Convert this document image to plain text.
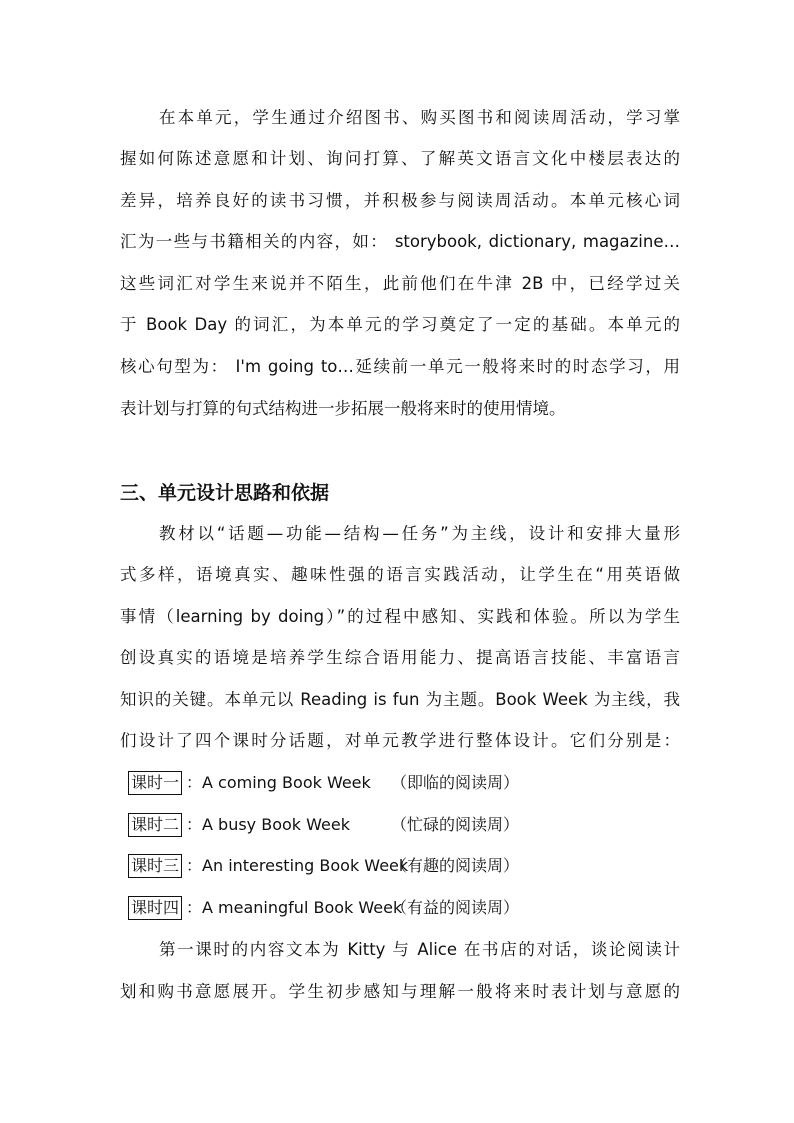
在本单元，学生通过介绍图书、购买图书和阅读周活动，学习掌
握如何陈述意愿和计划、询问打算、了解英文语言文化中楼层表达的
差异，培养良好的读书习惯，并积极参与阅读周活动。本单元核心词
汇为一些与书籍相关的内容，如： storybook, dictionary, magazine…
这些词汇对学生来说并不陌生，此前他们在牛津 2B 中，已经学过关
于 Book Day 的词汇，为本单元的学习奠定了一定的基础。本单元的
核心句型为： I'm going to…延续前一单元一般将来时的时态学习，用
表计划与打算的句式结构进一步拓展一般将来时的使用情境。
三、单元设计思路和依据
教材以“话题—功能—结构—任务”为主线，设计和安排大量形
式多样，语境真实、趣味性强的语言实践活动，让学生在“用英语做
事情（learning by doing）”的过程中感知、实践和体验。所以为学生
创设真实的语境是培养学生综合语用能力、提高语言技能、丰富语言
知识的关键。本单元以 Reading is fun 为主题。Book Week 为主线，我
们设计了四个课时分话题，对单元教学进行整体设计。它们分别是：
课时一 ：A coming Book Week （即临的阅读周）
课时二 ：A busy Book Week	（忙碌的阅读周）
课时三 ：An interesting Book Week（有趣的阅读周）
课时四 ：A meaningful Book Week（有益的阅读周）
第一课时的内容文本为 Kitty 与 Alice 在书店的对话，谈论阅读计
划和购书意愿展开。学生初步感知与理解一般将来时表计划与意愿的
